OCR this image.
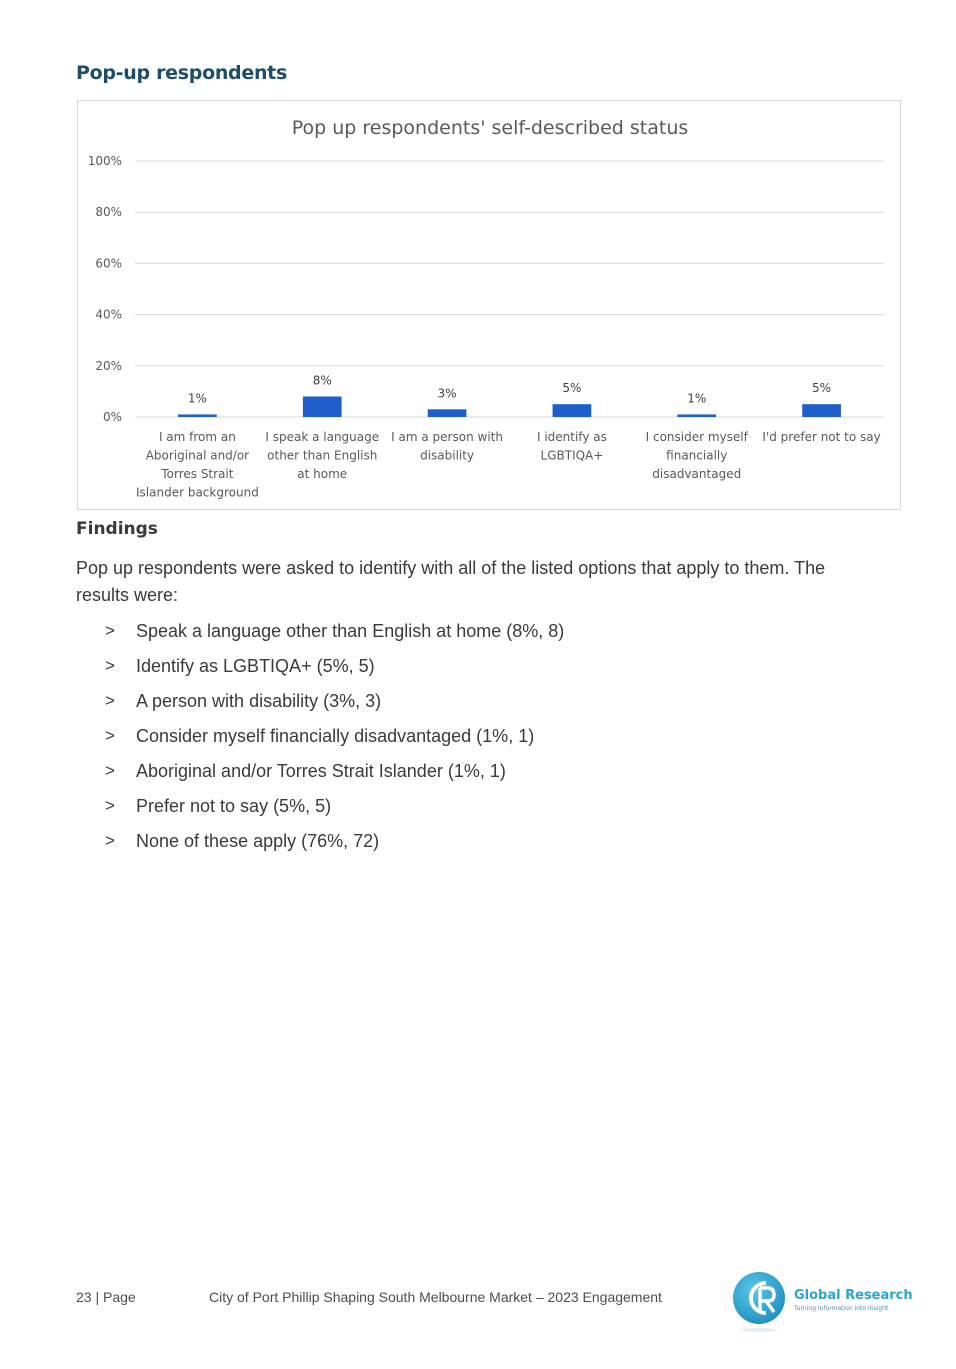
Pop-up respondents
Pop up respondents' self-described status
0%
20%
40%
60%
80%
100%
1%
8%
3%	5%
1%
5%
I am from an Aboriginal and/or Torres Strait Islander background
I speak a language other than English at home
I am a person with disability
I identify as LGBTIQA+
I consider myself financially disadvantaged
I'd prefer not to say
Findings

Pop up respondents were asked to identify with all of the listed options that apply to them. The results were:

> Speak a language other than English at home (8%, 8)
> Identify as LGBTIQA+ (5%, 5)
> A person with disability (3%, 3)
> Consider myself financially disadvantaged (1%, 1)
> Aboriginal and/or Torres Strait Islander (1%, 1)
> Prefer not to say (5%, 5)
> None of these apply (76%, 72)
23 | Page	City of Port Phillip Shaping South Melbourne Market – 2023 Engagement	Global Research
Turning Information into Insight
